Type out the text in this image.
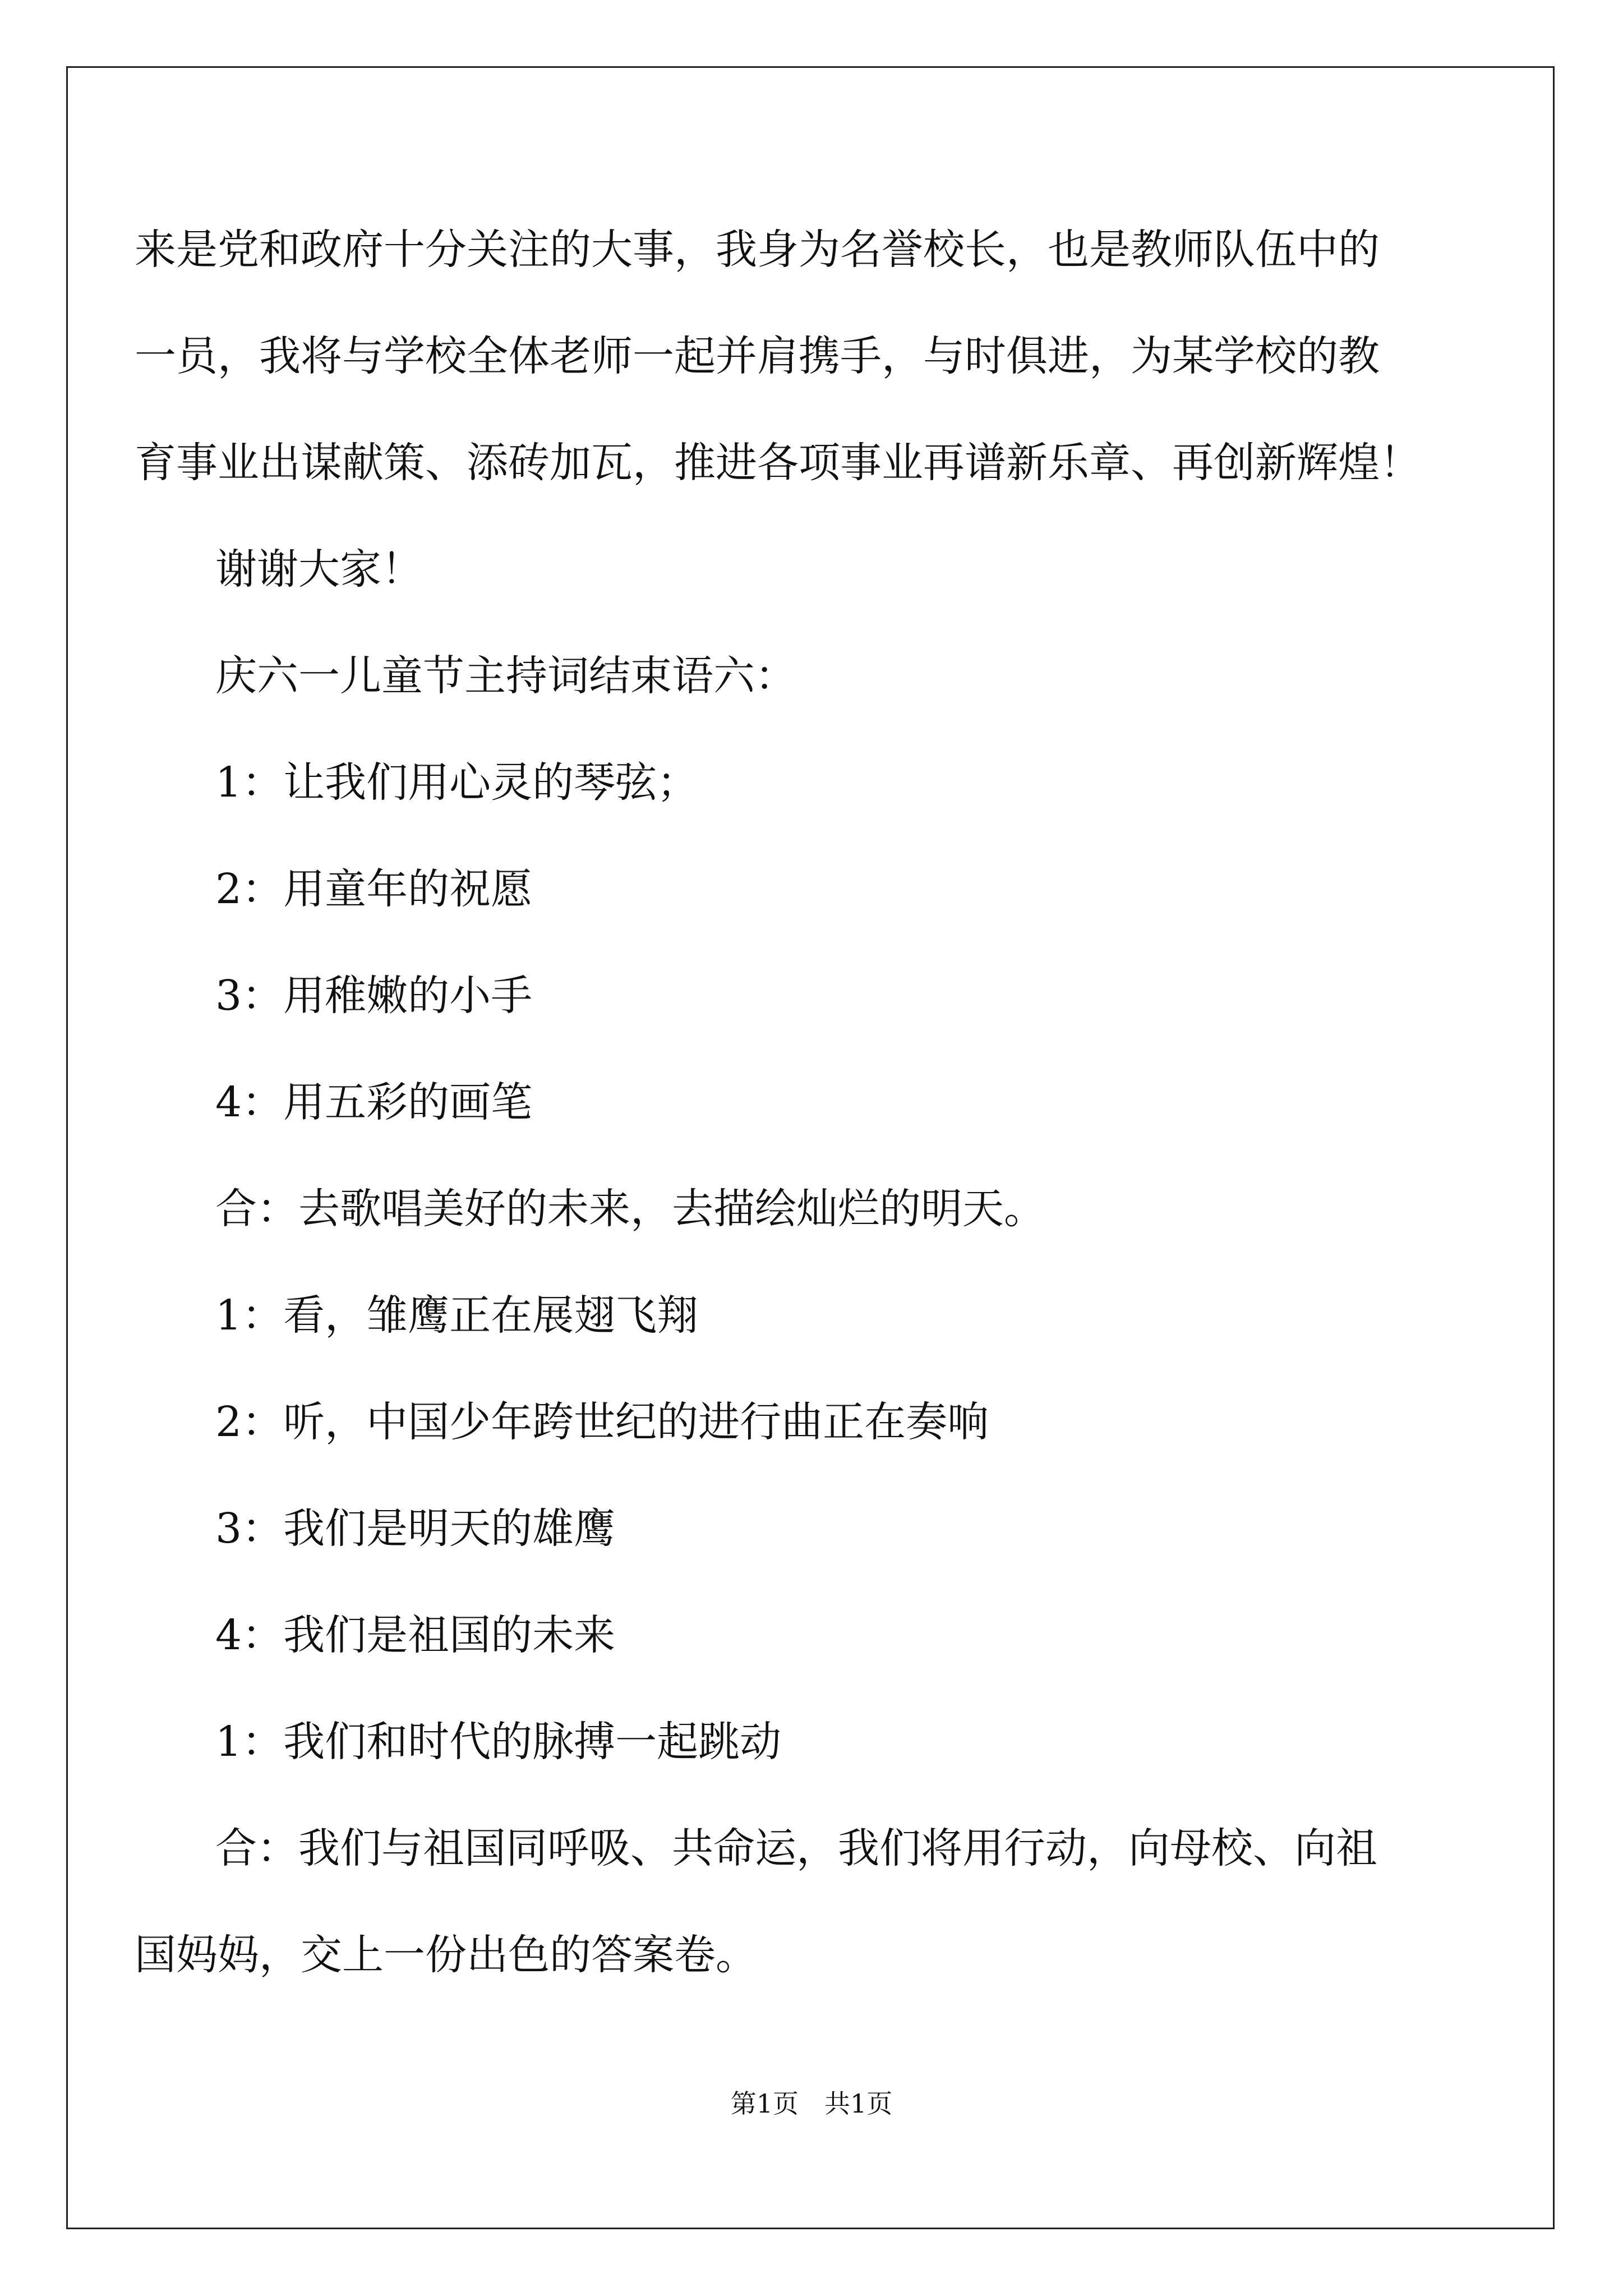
来是党和政府十分关注的大事，我身为名誉校长，也是教师队伍中的
一员，我将与学校全体老师一起并肩携手，与时俱进，为某学校的教
育事业出谋献策、添砖加瓦，推进各项事业再谱新乐章、再创新辉煌！
谢谢大家！
庆六一儿童节主持词结束语六：
1：让我们用心灵的琴弦；
2：用童年的祝愿
3：用稚嫩的小手
4：用五彩的画笔
合：去歌唱美好的未来，去描绘灿烂的明天。
1：看，雏鹰正在展翅飞翔
2：听，中国少年跨世纪的进行曲正在奏响
3：我们是明天的雄鹰
4：我们是祖国的未来
1：我们和时代的脉搏一起跳动
合：我们与祖国同呼吸、共命运，我们将用行动，向母校、向祖
国妈妈，交上一份出色的答案卷。
第1页　共1页
